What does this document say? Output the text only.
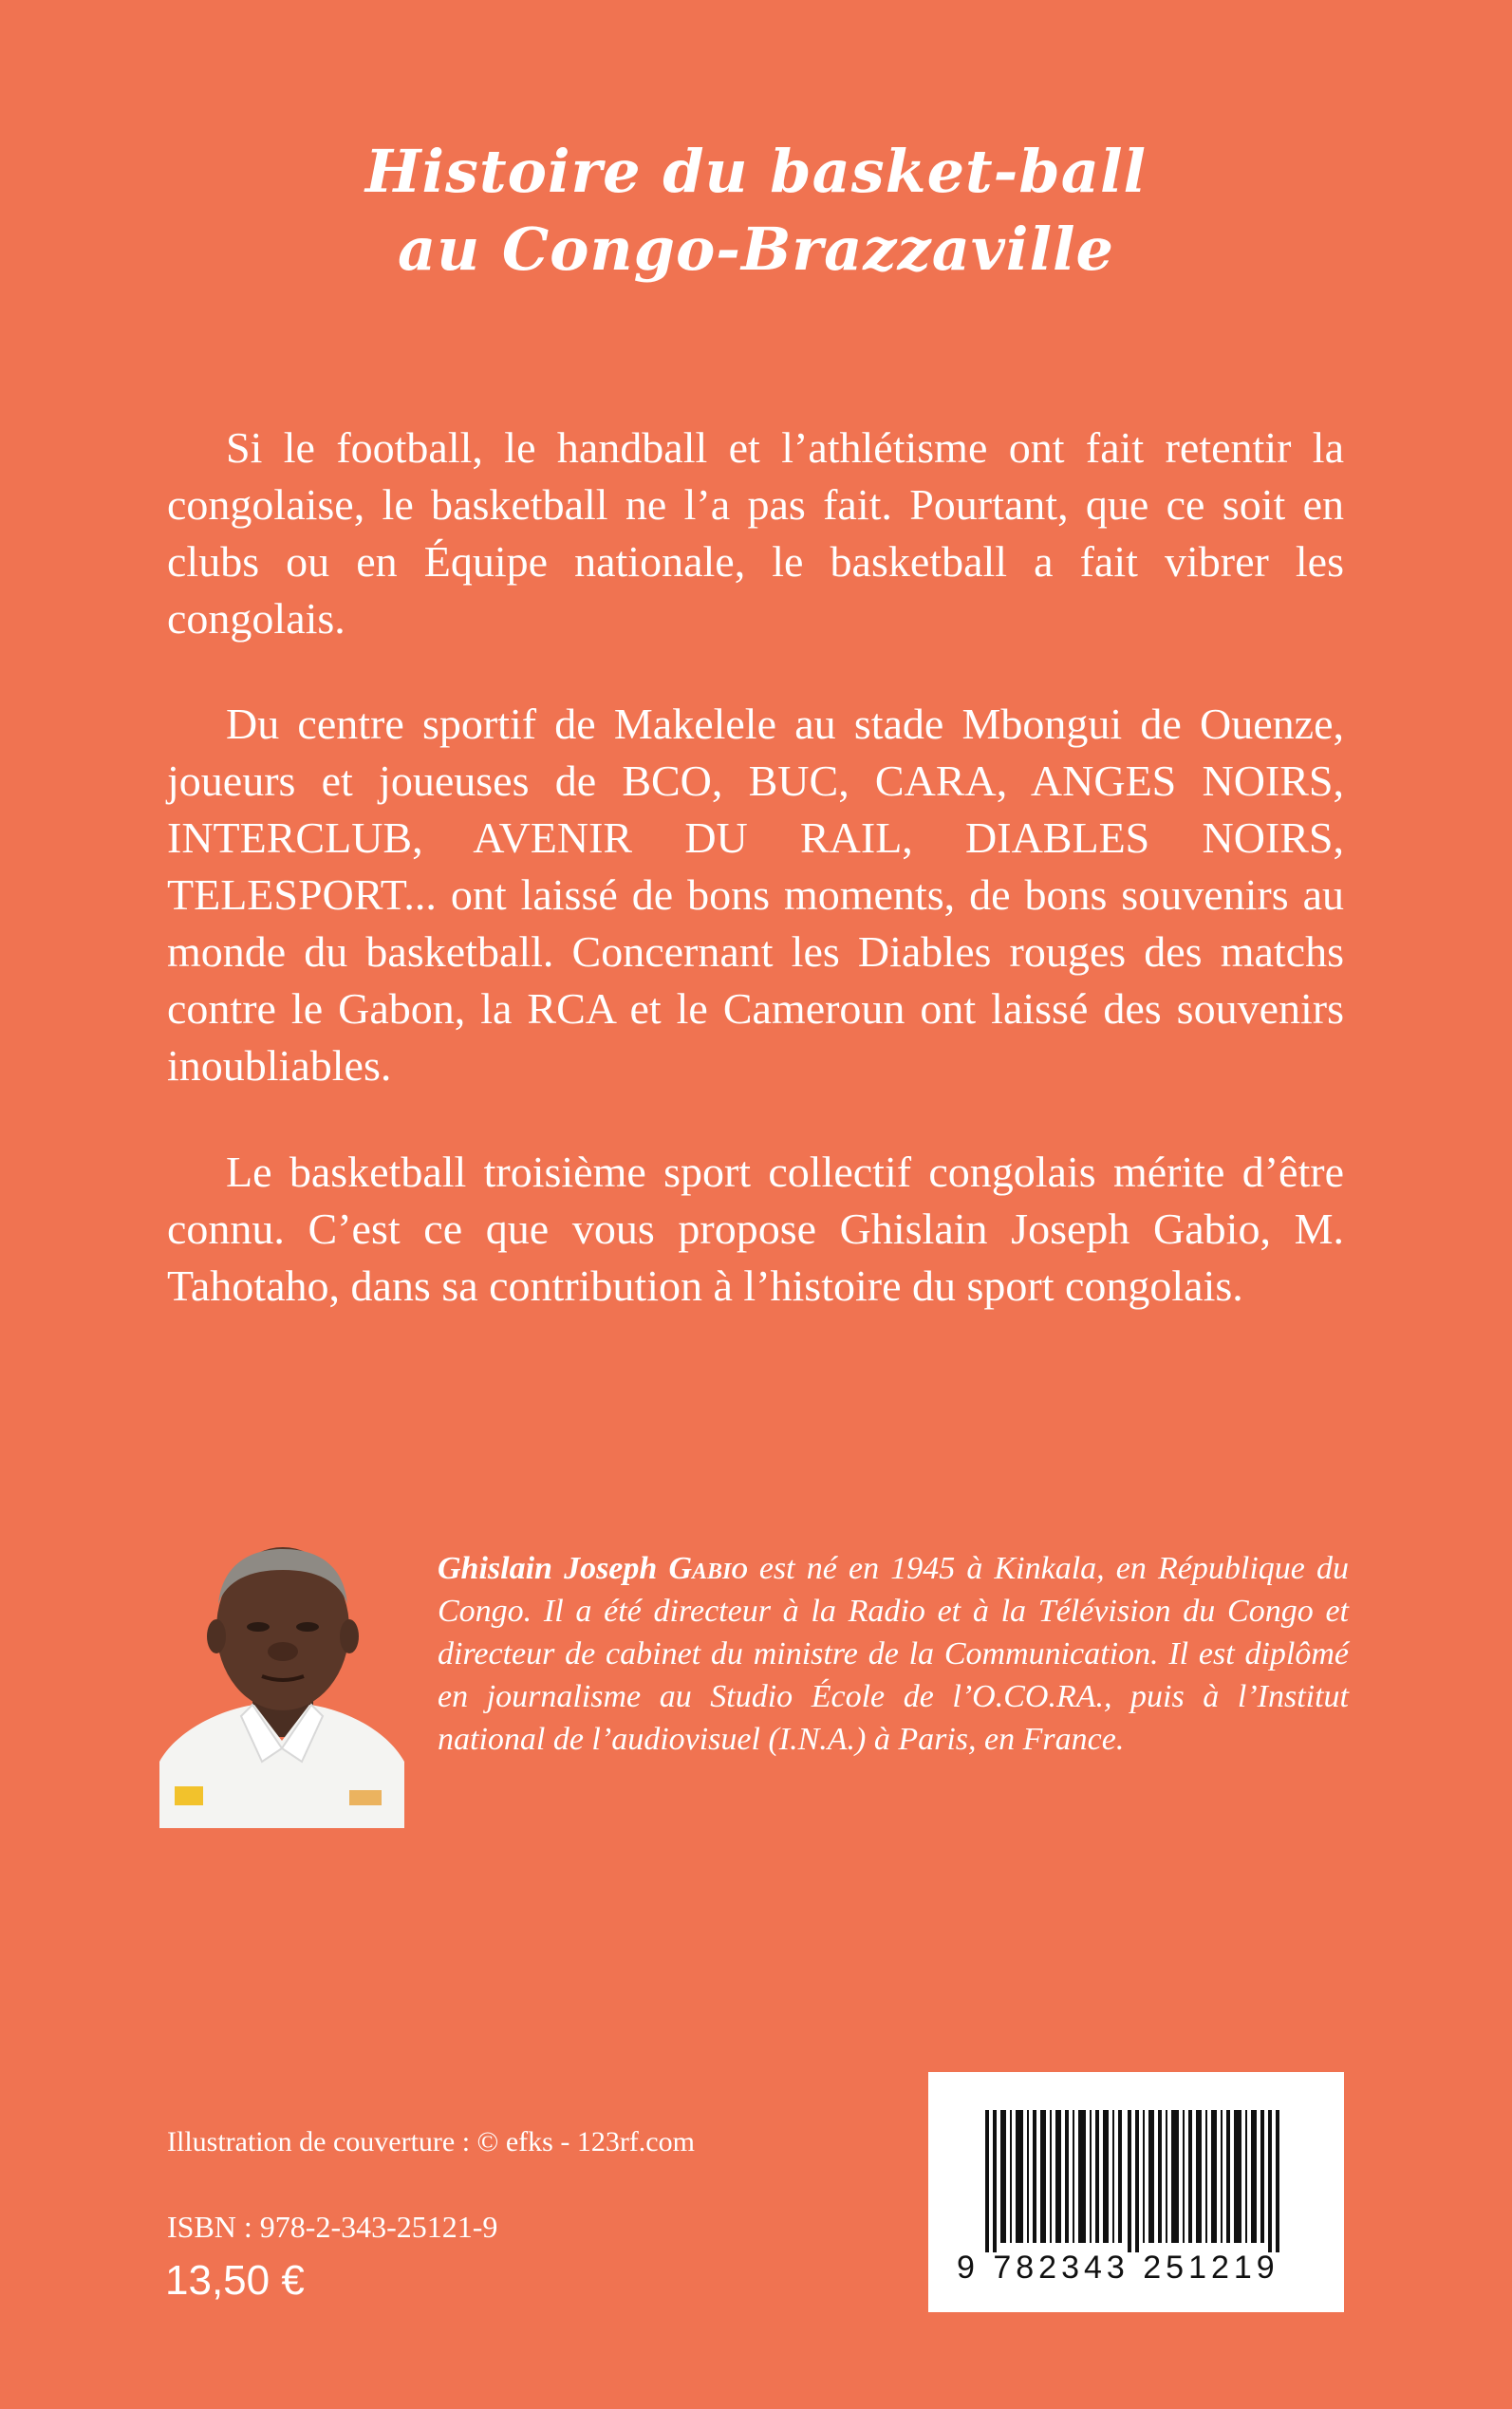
Histoire du basket-ball
au Congo-Brazzaville

Si le football, le handball et l’athlétisme ont fait retentir la congolaise, le basketball ne l’a pas fait. Pourtant, que ce soit en clubs ou en Équipe nationale, le basketball a fait vibrer les congolais.

Du centre sportif de Makelele au stade Mbongui de Ouenze, joueurs et joueuses de BCO, BUC, CARA, ANGES NOIRS, INTERCLUB, AVENIR DU RAIL, DIABLES NOIRS, TELESPORT... ont laissé de bons moments, de bons souvenirs au monde du basketball. Concernant les Diables rouges des matchs contre le Gabon, la RCA et le Cameroun ont laissé des souvenirs inoubliables.

Le basketball troisième sport collectif congolais mérite d’être connu. C’est ce que vous propose Ghislain Joseph Gabio, M. Tahotaho, dans sa contribution à l’histoire du sport congolais.

Ghislain Joseph Gabio est né en 1945 à Kinkala, en République du Congo. Il a été directeur à la Radio et à la Télévision du Congo et directeur de cabinet du ministre de la Communication. Il est diplômé en journalisme au Studio École de l’O.CO.RA., puis à l’Institut national de l’audiovisuel (I.N.A.) à Paris, en France.

Illustration de couverture : © efks - 123rf.com
ISBN : 978-2-343-25121-9
13,50 €	9 782343 251219
